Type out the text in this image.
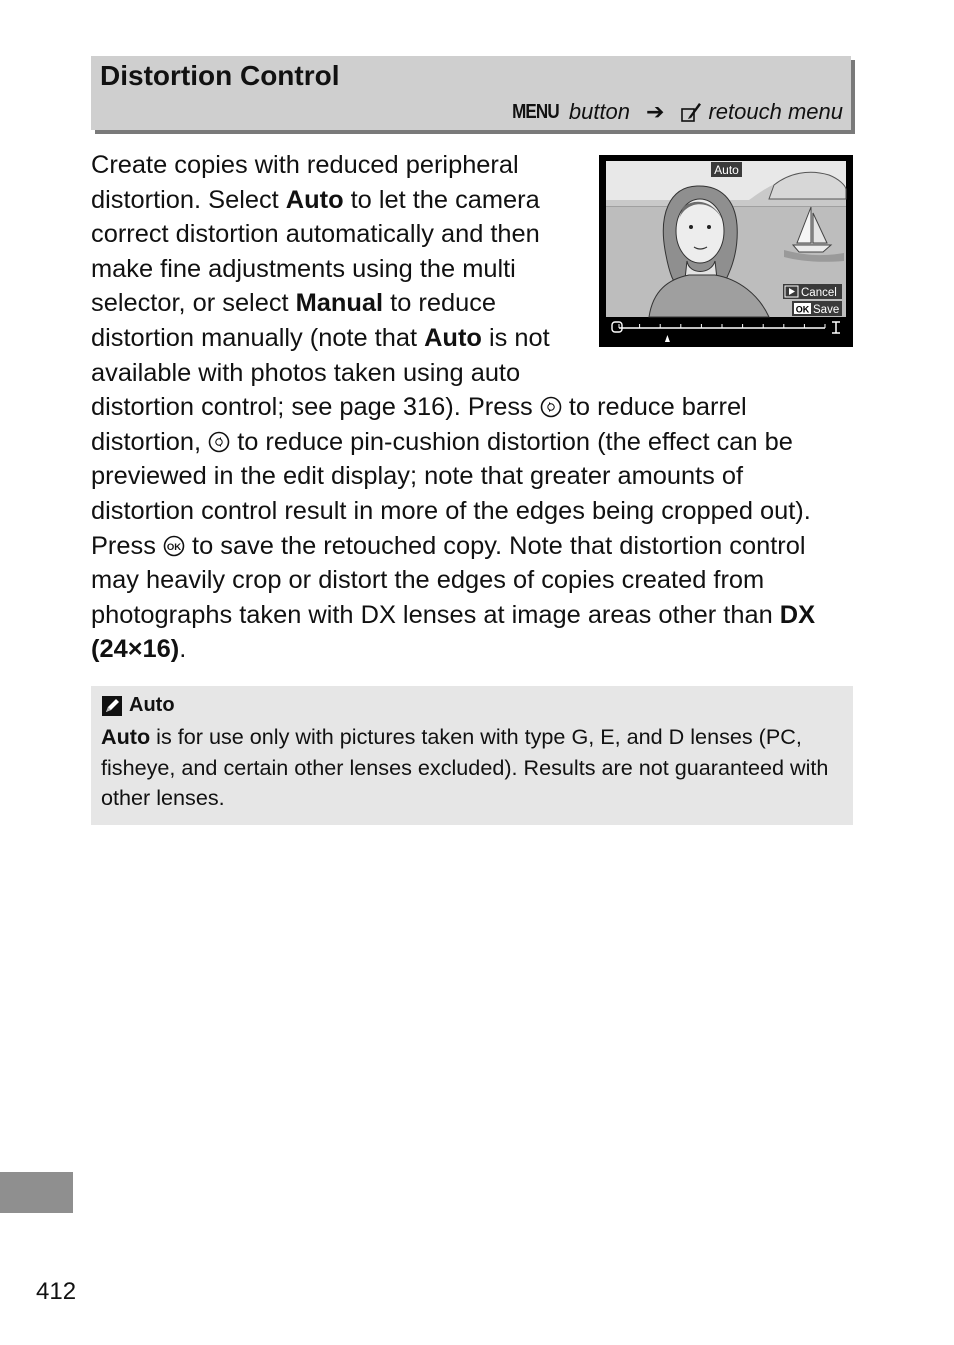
Distortion Control
MENU button ➔ retouch menu
Auto
Cancel
OK Save
Create copies with reduced peripheral distortion. Select Auto to let the camera correct distortion automatically and then make fine adjustments using the multi selector, or select Manual to reduce distortion manually (note that Auto is not available with photos taken using auto distortion control; see page 316). Press  to reduce barrel distortion,  to reduce pin-cushion distortion (the effect can be previewed in the edit display; note that greater amounts of distortion control result in more of the edges being cropped out). Press OK to save the retouched copy. Note that distortion control may heavily crop or distort the edges of copies created from photographs taken with DX lenses at image areas other than DX (24×16).
Auto
Auto is for use only with pictures taken with type G, E, and D lenses (PC, fisheye, and certain other lenses excluded). Results are not guaranteed with other lenses.
412
